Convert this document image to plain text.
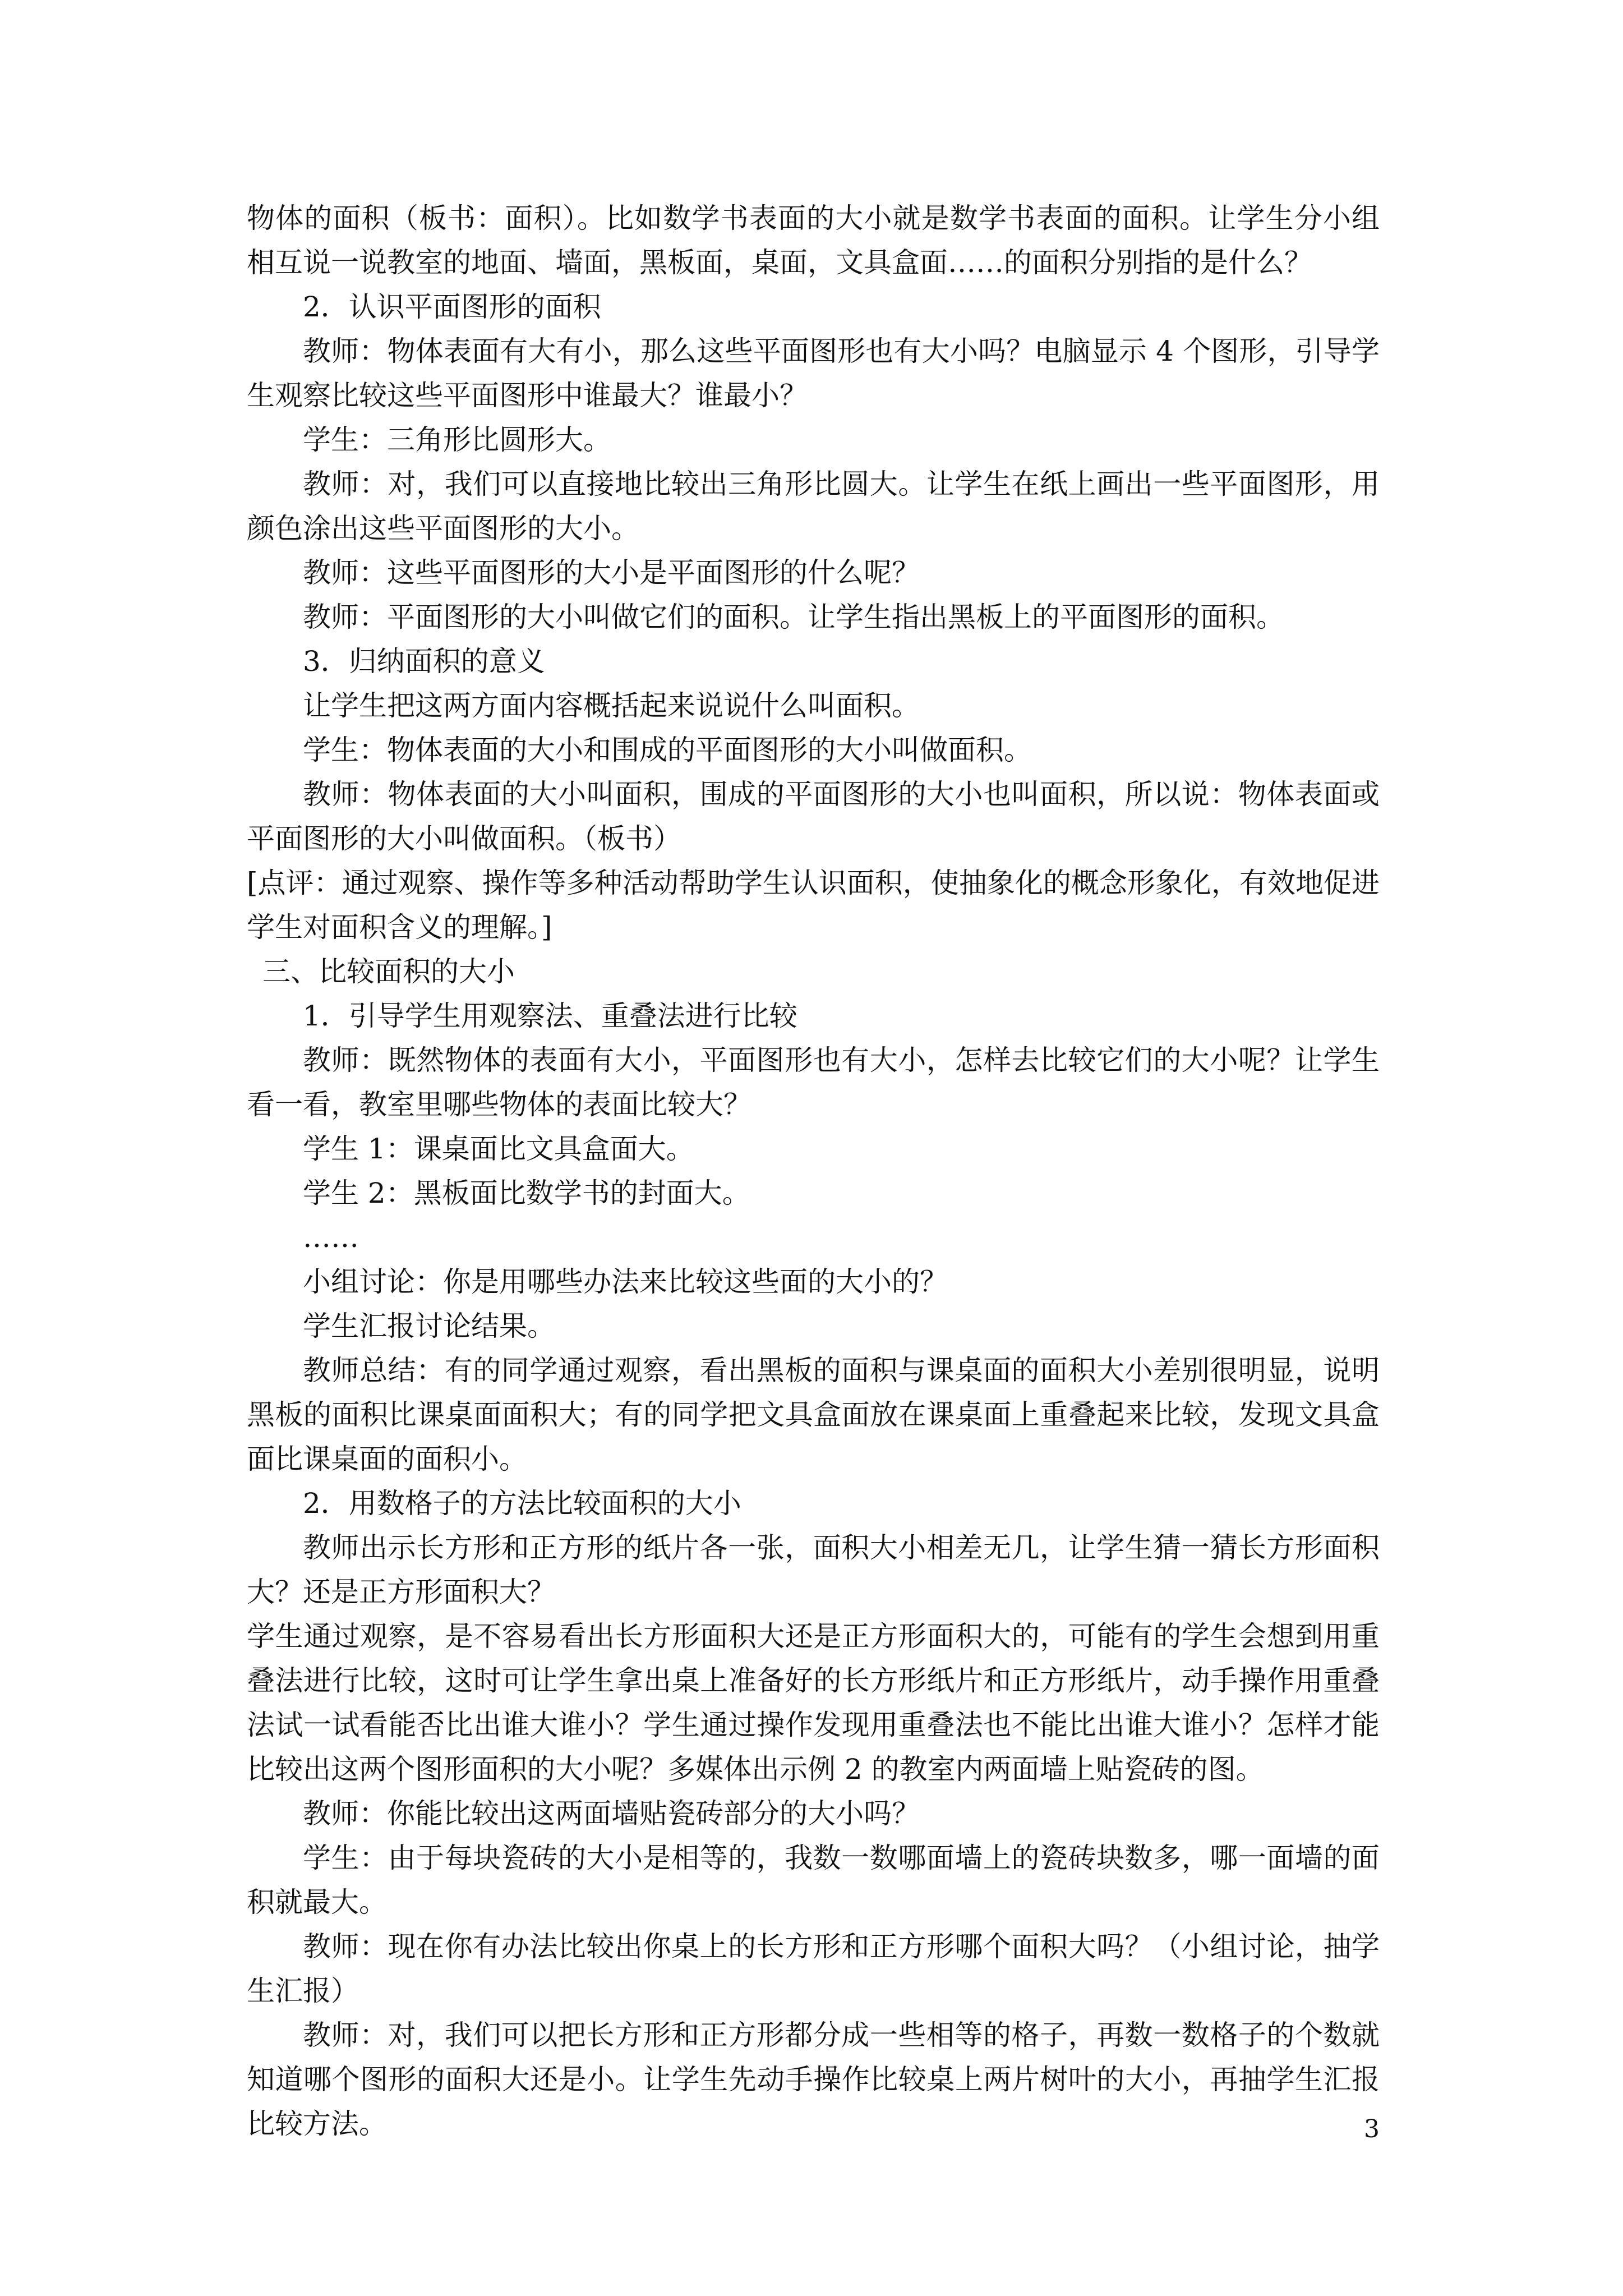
物体的面积（板书：面积）。比如数学书表面的大小就是数学书表面的面积。让学生分小组相互说一说教室的地面、墙面，黑板面，桌面，文具盒面……的面积分别指的是什么？

2．认识平面图形的面积

教师：物体表面有大有小，那么这些平面图形也有大小吗？电脑显示 4 个图形，引导学生观察比较这些平面图形中谁最大？谁最小？

学生：三角形比圆形大。

教师：对，我们可以直接地比较出三角形比圆大。让学生在纸上画出一些平面图形，用颜色涂出这些平面图形的大小。

教师：这些平面图形的大小是平面图形的什么呢？

教师：平面图形的大小叫做它们的面积。让学生指出黑板上的平面图形的面积。

3．归纳面积的意义

让学生把这两方面内容概括起来说说什么叫面积。

学生：物体表面的大小和围成的平面图形的大小叫做面积。

教师：物体表面的大小叫面积，围成的平面图形的大小也叫面积，所以说：物体表面或平面图形的大小叫做面积。（板书）

[点评：通过观察、操作等多种活动帮助学生认识面积，使抽象化的概念形象化，有效地促进学生对面积含义的理解。]

三、比较面积的大小

1．引导学生用观察法、重叠法进行比较

教师：既然物体的表面有大小，平面图形也有大小，怎样去比较它们的大小呢？让学生看一看，教室里哪些物体的表面比较大？

学生 1：课桌面比文具盒面大。

学生 2：黑板面比数学书的封面大。

……

小组讨论：你是用哪些办法来比较这些面的大小的？

学生汇报讨论结果。

教师总结：有的同学通过观察，看出黑板的面积与课桌面的面积大小差别很明显，说明黑板的面积比课桌面面积大；有的同学把文具盒面放在课桌面上重叠起来比较，发现文具盒面比课桌面的面积小。

2．用数格子的方法比较面积的大小

教师出示长方形和正方形的纸片各一张，面积大小相差无几，让学生猜一猜长方形面积大？还是正方形面积大？

学生通过观察，是不容易看出长方形面积大还是正方形面积大的，可能有的学生会想到用重叠法进行比较，这时可让学生拿出桌上准备好的长方形纸片和正方形纸片，动手操作用重叠法试一试看能否比出谁大谁小？学生通过操作发现用重叠法也不能比出谁大谁小？怎样才能比较出这两个图形面积的大小呢？多媒体出示例 2 的教室内两面墙上贴瓷砖的图。

教师：你能比较出这两面墙贴瓷砖部分的大小吗？

学生：由于每块瓷砖的大小是相等的，我数一数哪面墙上的瓷砖块数多，哪一面墙的面积就最大。

教师：现在你有办法比较出你桌上的长方形和正方形哪个面积大吗？（小组讨论，抽学生汇报）

教师：对，我们可以把长方形和正方形都分成一些相等的格子，再数一数格子的个数就知道哪个图形的面积大还是小。让学生先动手操作比较桌上两片树叶的大小，再抽学生汇报比较方法。	3
